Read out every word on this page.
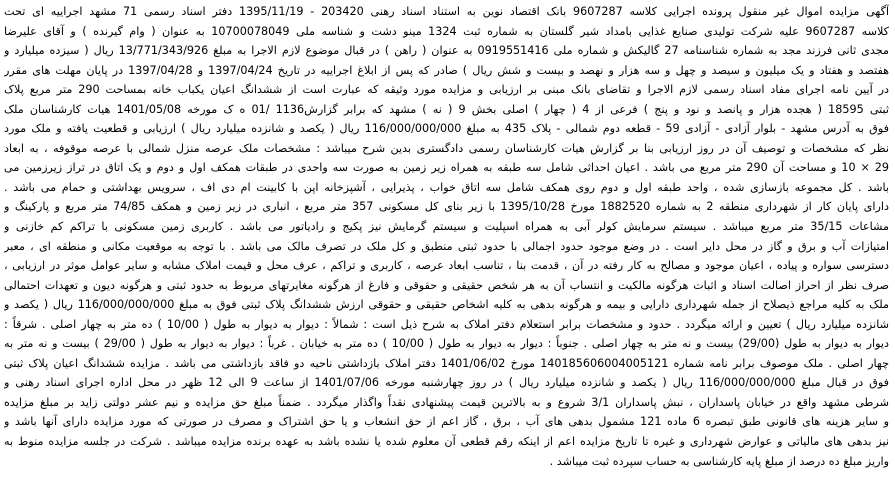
آگهی مزایده اموال غیر منقول پرونده اجرایی کلاسه 9607287 بانک اقتصاد نوین به استناد اسناد رهنی 203420 - 1395/11/19 دفتر اسناد رسمی 71 مشهد اجراییه ای تحت
کلاسه 9607287 علیه شرکت تولیدی صنایع غذایی بامداد شیر گلستان به شماره ثبت 1324 مینو دشت و شناسه ملی 10700078049 به عنوان ( وام گیرنده ) و آقای علیرضا
مجدی ثانی فرزند مجد به شماره شناسنامه 27 گالیکش و شماره ملی 0919551416 به عنوان ( راهن ) در قبال موضوع لازم الاجرا به مبلغ 13/771/343/926 ریال ( سیزده میلیارد و
هفتصد و هفتاد و یک میلیون و سیصد و چهل و سه هزار و نهصد و بیست و شش ریال ) صادر که پس از ابلاغ اجراییه در تاریخ 1397/04/24 و 1397/04/28 در پایان مهلت های مقرر
در آیین نامه اجرای مفاد اسناد رسمی لازم الاجرا و تقاضای بانک مبنی بر ارزیابی و مزایده مورد وثیقه که عبارت است از ششدانگ اعیان یکباب خانه بمساحت 290 متر مربع پلاک
ثبتی 18595 ( هجده هزار و پانصد و نود و پنج ) فرعی از 4 ( چهار ) اصلی بخش 9 ( نه ) مشهد که برابر گزارش1136 /01 ه ک مورخه 1401/05/08 هیات کارشناسان ملک
فوق به آدرس مشهد - بلوار آزادی - آزادی 59 - قطعه دوم شمالی - پلاک 435 به مبلغ 116/000/000/000 ریال ( یکصد و شانزده میلیارد ریال ) ارزیابی و قطعیت یافته و ملک مورد
نظر که مشخصات و توصیف آن در روز ارزیابی بنا بر گزارش هیات کارشناسان رسمی دادگستری بدین شرح میباشد : مشخصات ملک عرصه منزل شمالی با عرصه موقوفه ، به ابعاد
29 × 10 و مساحت آن 290 متر مربع می باشد . اعیان احداثی شامل سه طبقه به همراه زیر زمین به صورت سه واحدی در طبقات همکف اول و دوم و یک اتاق در تراز زیرزمین می
باشد . کل مجموعه بازسازی شده ، واحد طبقه اول و دوم روی همکف شامل سه اتاق خواب ، پذیرایی ، آشپزخانه اپن با کابینت ام دی اف ، سرویس بهداشتی و حمام می باشد .
دارای پایان کار از شهرداری منطقه 2 به شماره 1882520 مورخ 1395/10/28 با زیر بنای کل مسکونی 357 متر مربع ، انباری در زیر زمین و همکف 74/85 متر مربع و پارکینگ و
مشاعات 35/15 متر مربع میباشد . سیستم سرمایش کولر آبی به همراه اسپلیت و سیستم گرمایش نیز پکیج و رادیاتور می باشد . کاربری زمین مسکونی با تراکم کم خازنی و
امتیازات آب و برق و گاز در محل دایر است . در وضع موجود حدود اجمالی با حدود ثبتی منطبق و کل ملک در تصرف مالک می باشد . با توجه به موقعیت مکانی و منطقه ای ، معبر
دسترسی سواره و پیاده ، اعیان موجود و مصالح به کار رفته در آن ، قدمت بنا ، تناسب ابعاد عرصه ، کاربری و تراکم ، عرف محل و قیمت املاک مشابه و سایر عوامل موثر در ارزیابی ،
صرف نظر از احراز اصالت اسناد و اثبات هرگونه مالکیت و انتساب آن به هر شخص حقیقی و حقوقی و فارغ از هرگونه مغایرتهای مربوط به حدود ثبتی و هرگونه دیون و تعهدات احتمالی
ملک به کلیه مراجع ذیصلاح از جمله شهرداری دارایی و بیمه و هرگونه بدهی به کلیه اشخاص حقیقی و حقوقی ارزش ششدانگ پلاک ثبتی فوق به مبلغ 116/000/000/000 ریال ( یکصد و
شانزده میلیارد ریال ) تعیین و ارائه میگردد . حدود و مشخصات برابر استعلام دفتر املاک به شرح ذیل است : شمالاً : دیوار به دیوار به طول ( 10/00 ) ده متر به چهار اصلی . شرقاً :
دیوار به دیوار به طول (29/00) بیست و نه متر به چهار اصلی . جنوباً : دیوار به دیوار به طول ( 10/00 ) ده متر به خیابان . غرباً : دیوار به دیوار به طول ( 29/00 ) بیست و نه متر به
چهار اصلی . ملک موصوف برابر نامه شماره 140185606004005121 مورخ 1401/06/02 دفتر املاک بازداشتی ناحیه دو فاقد بازداشتی می باشد . مزایده ششدانگ اعیان پلاک ثبتی
فوق در قبال مبلغ 116/000/000/000 ریال ( یکصد و شانزده میلیارد ریال ) در روز چهارشنبه مورخه 1401/07/06 از ساعت 9 الی 12 ظهر در محل اداره اجرای اسناد رهنی و
شرطی مشهد واقع در خیابان پاسداران ، نبش پاسداران 3/1 شروع و به بالاترین قیمت پیشنهادی نقداً واگذار میگردد . ضمناً مبلغ حق مزایده و نیم عشر دولتی زاید بر مبلغ مزایده
و سایر هزینه های قانونی طبق تبصره 6 ماده 121 مشمول بدهی های آب ، برق ، گاز اعم از حق انشعاب و یا حق اشتراک و مصرف در صورتی که مورد مزایده دارای آنها باشد و
نیز بدهی های مالیاتی و عوارض شهرداری و غیره تا تاریخ مزایده اعم از اینکه رقم قطعی آن معلوم شده یا نشده باشد به عهده برنده مزایده میباشد . شرکت در جلسه مزایده منوط به
واریز مبلغ ده درصد از مبلغ پایه کارشناسی به حساب سپرده ثبت میباشد .
